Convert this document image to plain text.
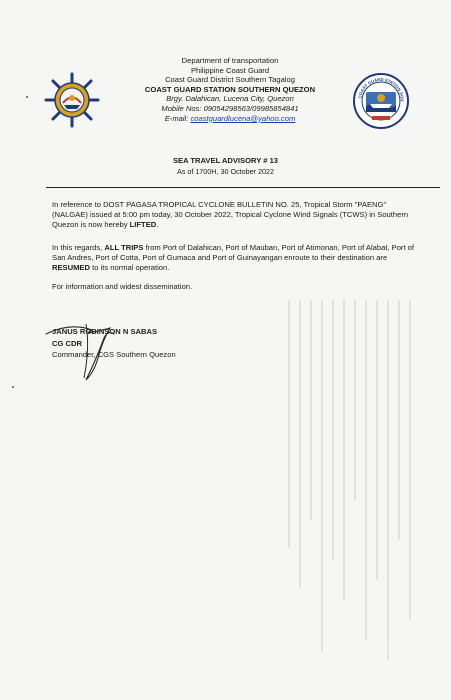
Department of transportation
Philippine Coast Guard
Coast Guard District Southern Tagalog
COAST GUARD STATION SOUTHERN QUEZON
Brgy. Dalahican, Lucena City, Quezon
Mobile Nos: 09054298563/09985854841
E-mail: coastguardlucena@yahoo.com
COAST GUARD STATION SOU
SEA TRAVEL ADVISORY # 13
As of 1700H, 30 October 2022
In reference to DOST PAGASA TROPICAL CYCLONE BULLETIN NO. 25, Tropical Storm "PAENG" (NALGAE) issued at 5:00 pm today, 30 October 2022, Tropical Cyclone Wind Signals (TCWS) in Southern Quezon is now hereby LIFTED.
In this regards, ALL TRIPS from Port of Dalahican, Port of Mauban, Port of Atimonan, Port of Alabat, Port of San Andres, Port of Cotta, Port of Gumaca and Port of Guinayangan enroute to their destination are RESUMED to its normal operation.
For information and widest dissemination.
JANUS ROBINSON N SABAS
CG CDR
Commander, CGS Southern Quezon
